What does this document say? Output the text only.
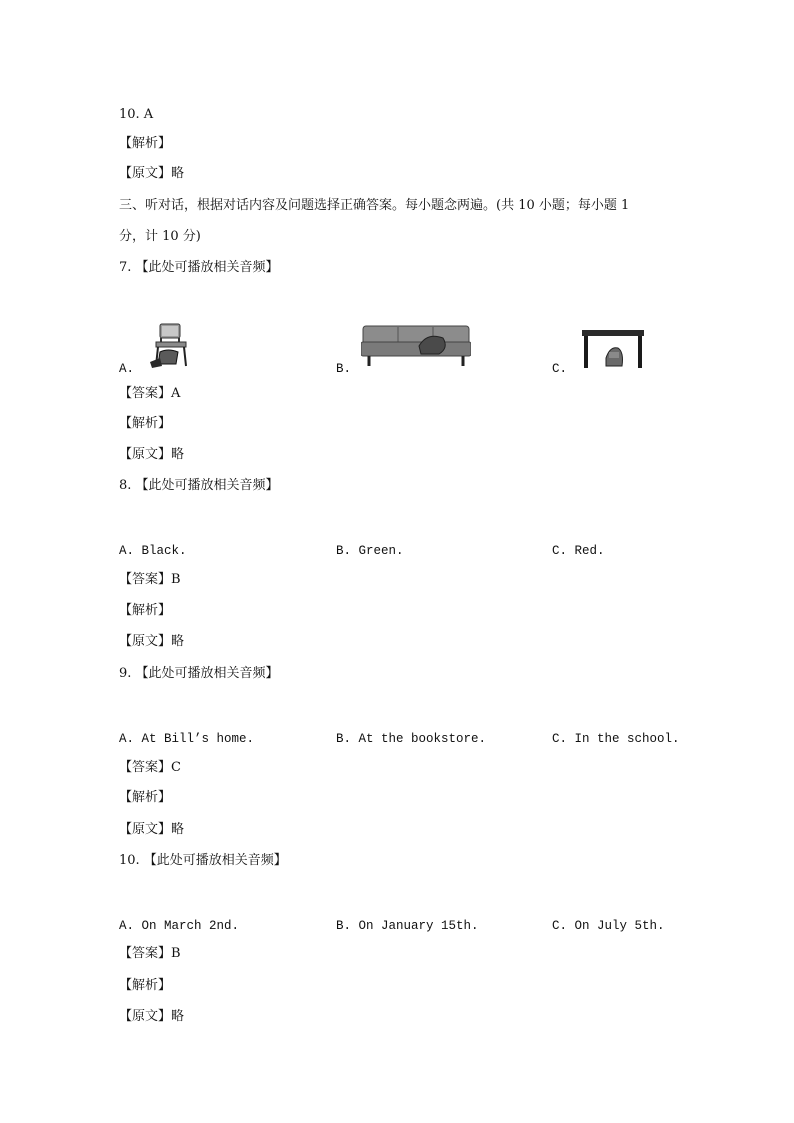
10. A
【解析】
【原文】略
三、听对话，根据对话内容及问题选择正确答案。每小题念两遍。(共 10 小题；每小题 1
分，计 10 分)
7. 【此处可播放相关音频】
A.	B.	C.
【答案】A
【解析】
【原文】略
8. 【此处可播放相关音频】
A. Black.	B. Green.	C. Red.
【答案】B
【解析】
【原文】略
9. 【此处可播放相关音频】
A. At Bill’s home.	B. At the bookstore.	C. In the school.
【答案】C
【解析】
【原文】略
10. 【此处可播放相关音频】
A. On March 2nd.	B. On January 15th.	C. On July 5th.
【答案】B
【解析】
【原文】略
